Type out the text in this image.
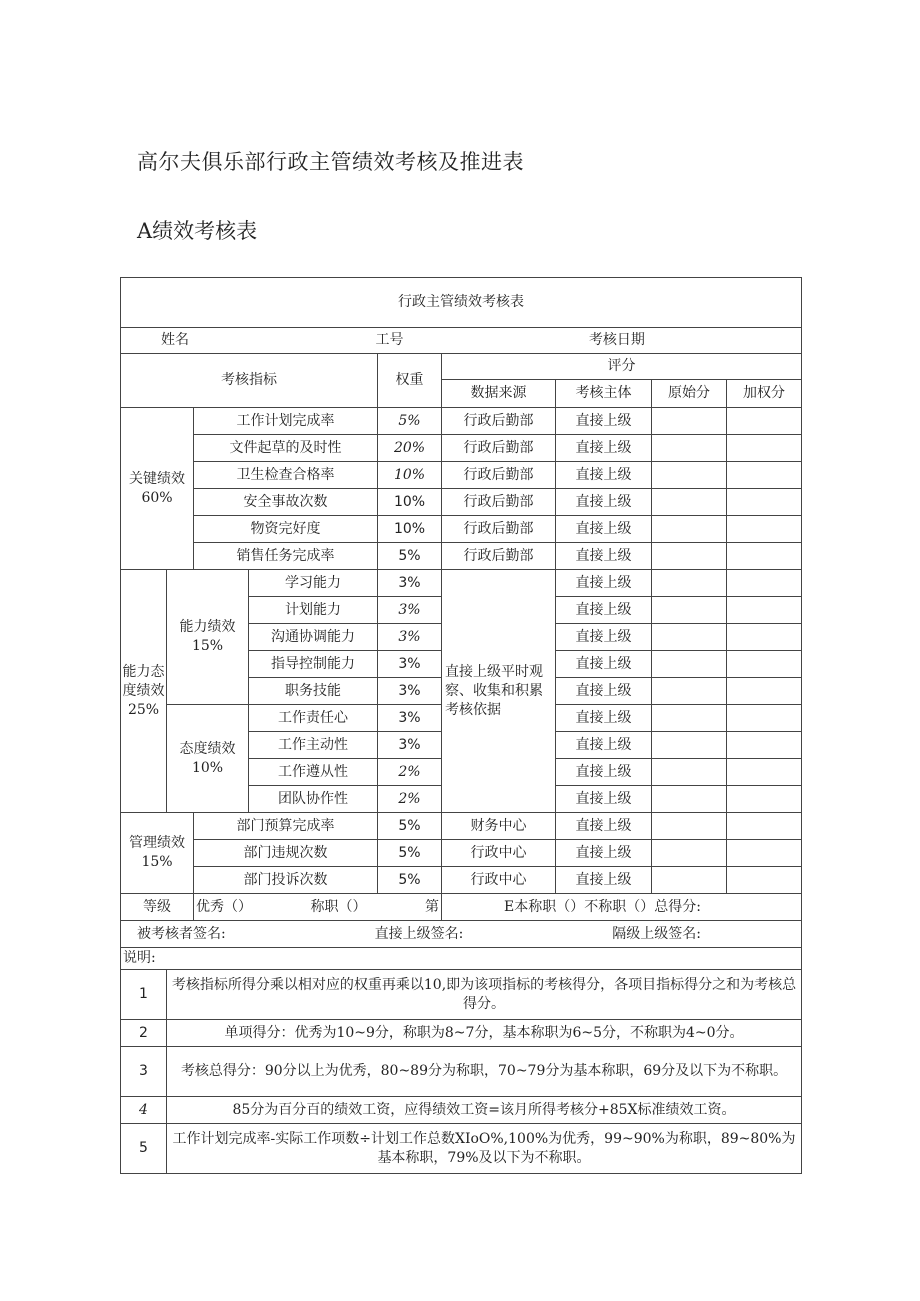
高尔夫俱乐部行政主管绩效考核及推进表
A绩效考核表
行政主管绩效考核表								
姓名 工号 考核日期								
考核指标				权重	评分			
					数据来源	考核主体	原始分	加权分
关键绩效60%		工作计划完成率		5%	行政后勤部	直接上级		
		文件起草的及时性		20%	行政后勤部	直接上级		
		卫生检查合格率		10%	行政后勤部	直接上级		
		安全事故次数		10%	行政后勤部	直接上级		
		物资完好度		10%	行政后勤部	直接上级		
		销售任务完成率		5%	行政后勤部	直接上级		
能力态度绩效25%	能力绩效15%		学习能力	3%	直接上级平时观察、收集和积累考核依据	直接上级		
			计划能力	3%		直接上级		
			沟通协调能力	3%		直接上级		
			指导控制能力	3%		直接上级		
			职务技能	3%		直接上级		
	态度绩效10%		工作责任心	3%		直接上级		
			工作主动性	3%		直接上级		
			工作遵从性	2%		直接上级		
			团队协作性	2%		直接上级		
管理绩效15%		部门预算完成率		5%	财务中心	直接上级		
		部门违规次数		5%	行政中心	直接上级		
		部门投诉次数		5%	行政中心	直接上级		
等级		优秀（） 称职（） 第			E本称职（）不称职（）总得分:			

被考核者签名: 直接上级签名: 隔级上级签名:								

说明:								
1	考核指标所得分乘以相对应的权重再乘以10,即为该项指标的考核得分，各项目指标得分之和为考核总得分。							
2	单项得分：优秀为10~9分，称职为8~7分，基本称职为6~5分，不称职为4~0分。							
3	考核总得分：90分以上为优秀，80~89分为称职，70~79分为基本称职，69分及以下为不称职。							
4	85分为百分百的绩效工资，应得绩效工资=该月所得考核分+85X标准绩效工资。							
5	工作计划完成率-实际工作项数÷计划工作总数XIoO%,100%为优秀，99~90%为称职，89~80%为基本称职，79%及以下为不称职。							
